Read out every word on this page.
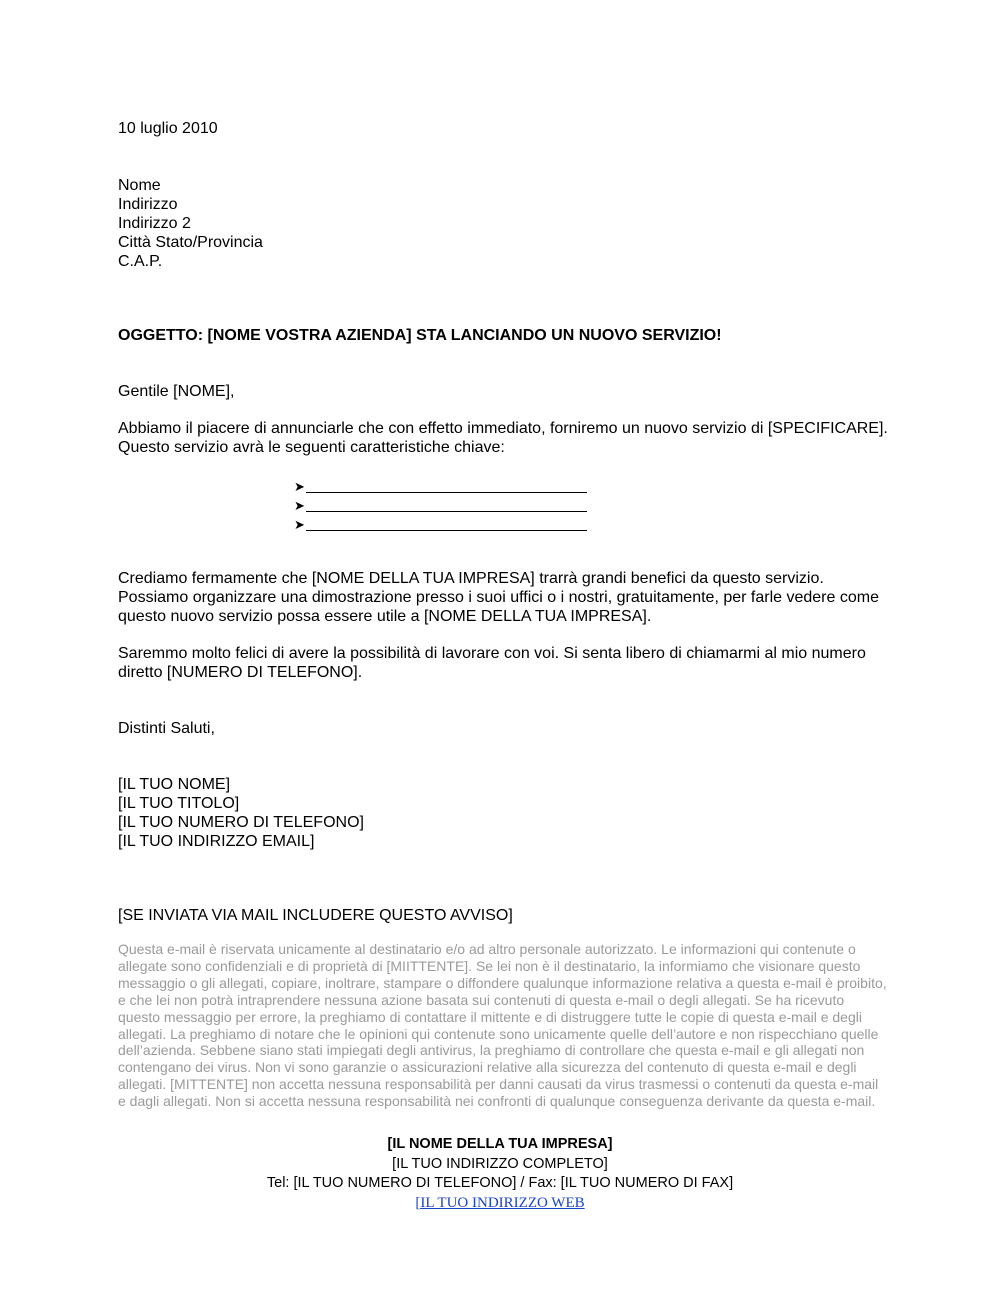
10 luglio 2010

Nome

Indirizzo

Indirizzo 2

Città Stato/Provincia

C.A.P.

OGGETTO: [NOME VOSTRA AZIENDA] STA LANCIANDO UN NUOVO SERVIZIO!

Gentile [NOME],

Abbiamo il piacere di annunciarle che con effetto immediato, forniremo un nuovo servizio di [SPECIFICARE]. Questo servizio avrà le seguenti caratteristiche chiave:

➤
➤
➤

Crediamo fermamente che [NOME DELLA TUA IMPRESA] trarrà grandi benefici da questo servizio. Possiamo organizzare una dimostrazione presso i suoi uffici o i nostri, gratuitamente, per farle vedere come questo nuovo servizio possa essere utile a [NOME DELLA TUA IMPRESA].

Saremmo molto felici di avere la possibilità di lavorare con voi. Si senta libero di chiamarmi al mio numero diretto [NUMERO DI TELEFONO].

Distinti Saluti,

[IL TUO NOME]

[IL TUO TITOLO]

[IL TUO NUMERO DI TELEFONO]

[IL TUO INDIRIZZO EMAIL]

[SE INVIATA VIA MAIL INCLUDERE QUESTO AVVISO]

Questa e-mail è riservata unicamente al destinatario e/o ad altro personale autorizzato. Le informazioni qui contenute o allegate sono confidenziali e di proprietà di [MIITTENTE]. Se lei non è il destinatario, la informiamo che visionare questo messaggio o gli allegati, copiare, inoltrare, stampare o diffondere qualunque informazione relativa a questa e-mail è proibito, e che lei non potrà intraprendere nessuna azione basata sui contenuti di questa e-mail o degli allegati. Se ha ricevuto questo messaggio per errore, la preghiamo di contattare il mittente e di distruggere tutte le copie di questa e-mail e degli allegati. La preghiamo di notare che le opinioni qui contenute sono unicamente quelle dell’autore e non rispecchiano quelle dell’azienda. Sebbene siano stati impiegati degli antivirus, la preghiamo di controllare che questa e-mail e gli allegati non contengano dei virus. Non vi sono garanzie o assicurazioni relative alla sicurezza del contenuto di questa e-mail e degli allegati. [MITTENTE] non accetta nessuna responsabilità per danni causati da virus trasmessi o contenuti da questa e-mail e dagli allegati. Non si accetta nessuna responsabilità nei confronti di qualunque conseguenza derivante da questa e-mail.

[IL NOME DELLA TUA IMPRESA]
[IL TUO INDIRIZZO COMPLETO]
Tel: [IL TUO NUMERO DI TELEFONO] / Fax: [IL TUO NUMERO DI FAX]
[IL TUO INDIRIZZO WEB
